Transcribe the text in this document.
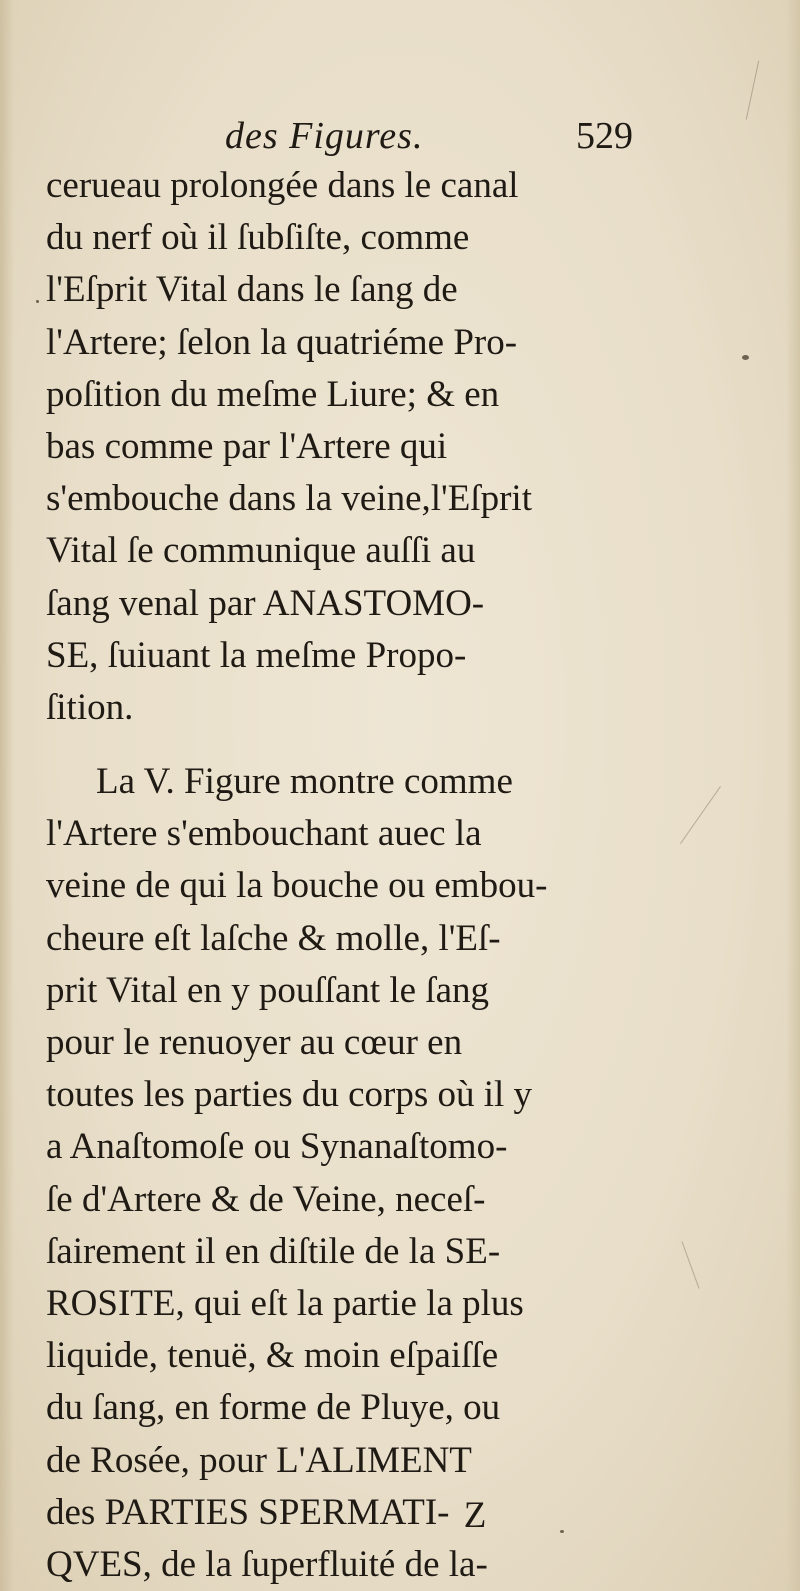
des Figures.	529
cerueau prolongée dans le canal
du nerf où il ſubſiſte, comme
l'Eſprit Vital dans le ſang de
l'Artere; ſelon la quatriéme Pro-
poſition du meſme Liure; & en
bas comme par l'Artere qui
s'embouche dans la veine,l'Eſprit
Vital ſe communique auſſi au
ſang venal par ANASTOMO-
SE, ſuiuant la meſme Propo-
ſition.
La V. Figure montre comme
l'Artere s'embouchant auec la
veine de qui la bouche ou embou-
cheure eſt laſche & molle, l'Eſ-
prit Vital en y pouſſant le ſang
pour le renuoyer au cœur en
toutes les parties du corps où il y
a Anaſtomoſe ou Synanaſtomo-
ſe d'Artere & de Veine, neceſ-
ſairement il en diſtile de la SE-
ROSITE, qui eſt la partie la plus
liquide, tenuë, & moin eſpaiſſe
du ſang, en forme de Pluye, ou
de Rosée, pour L'ALIMENT
des PARTIES SPERMATI-
QVES, de la ſuperfluité de la-
Z
